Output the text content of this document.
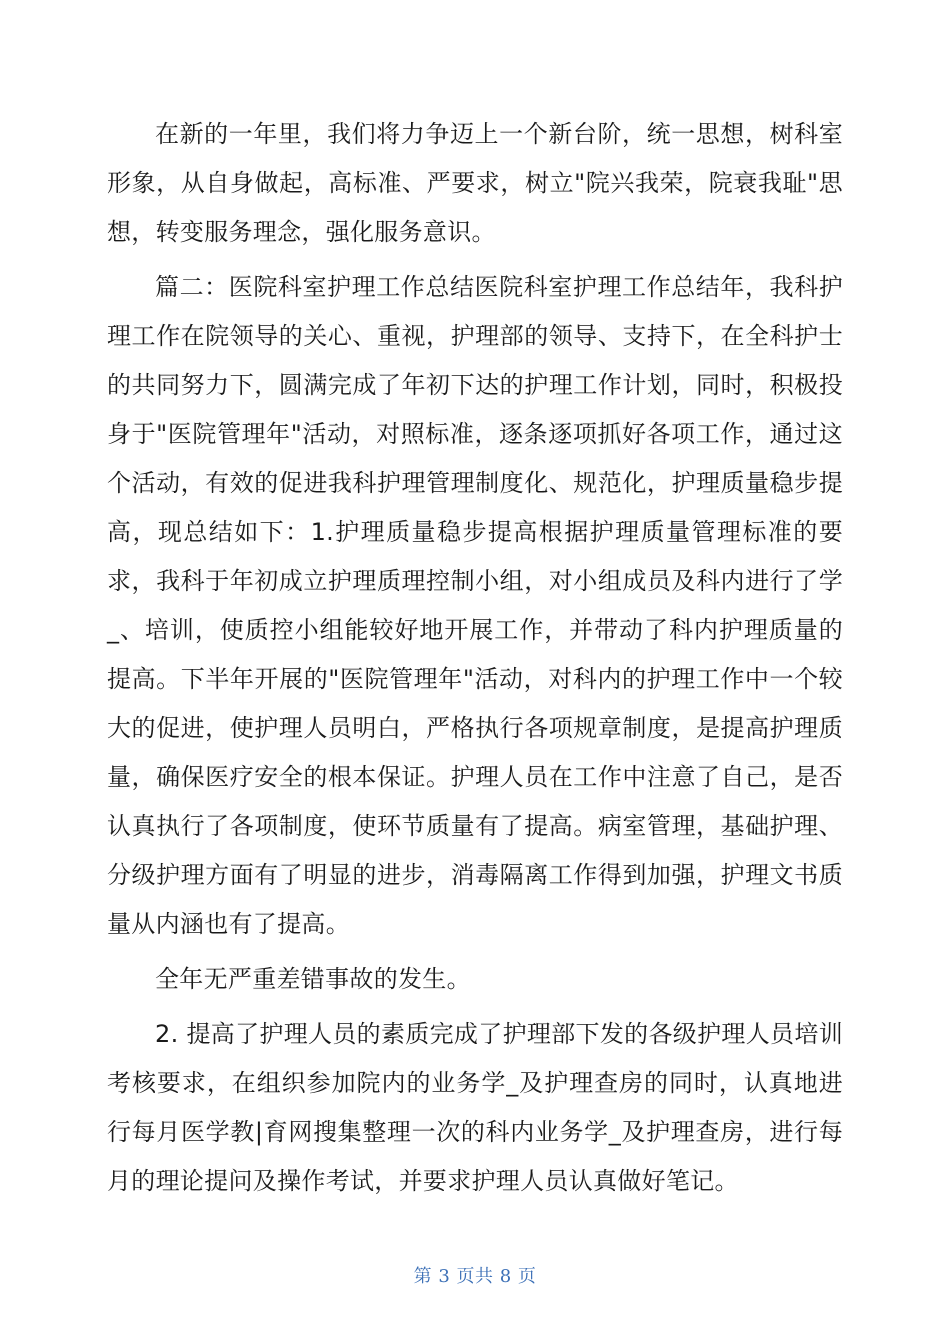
在新的一年里，我们将力争迈上一个新台阶，统一思想，树科室形象，从自身做起，高标准、严要求，树立"院兴我荣，院衰我耻"思想，转变服务理念，强化服务意识。

篇二：医院科室护理工作总结医院科室护理工作总结年，我科护理工作在院领导的关心、重视，护理部的领导、支持下，在全科护士的共同努力下，圆满完成了年初下达的护理工作计划，同时，积极投身于"医院管理年"活动，对照标准，逐条逐项抓好各项工作，通过这个活动，有效的促进我科护理管理制度化、规范化，护理质量稳步提高，现总结如下：1.护理质量稳步提高根据护理质量管理标准的要求，我科于年初成立护理质理控制小组，对小组成员及科内进行了学_、培训，使质控小组能较好地开展工作，并带动了科内护理质量的提高。下半年开展的"医院管理年"活动，对科内的护理工作中一个较大的促进，使护理人员明白，严格执行各项规章制度，是提高护理质量，确保医疗安全的根本保证。护理人员在工作中注意了自己，是否认真执行了各项制度，使环节质量有了提高。病室管理，基础护理、分级护理方面有了明显的进步，消毒隔离工作得到加强，护理文书质量从内涵也有了提高。

全年无严重差错事故的发生。

2. 提高了护理人员的素质完成了护理部下发的各级护理人员培训考核要求，在组织参加院内的业务学_及护理查房的同时，认真地进行每月医学教|育网搜集整理一次的科内业务学_及护理查房，进行每月的理论提问及操作考试，并要求护理人员认真做好笔记。

第 3 页共 8 页
